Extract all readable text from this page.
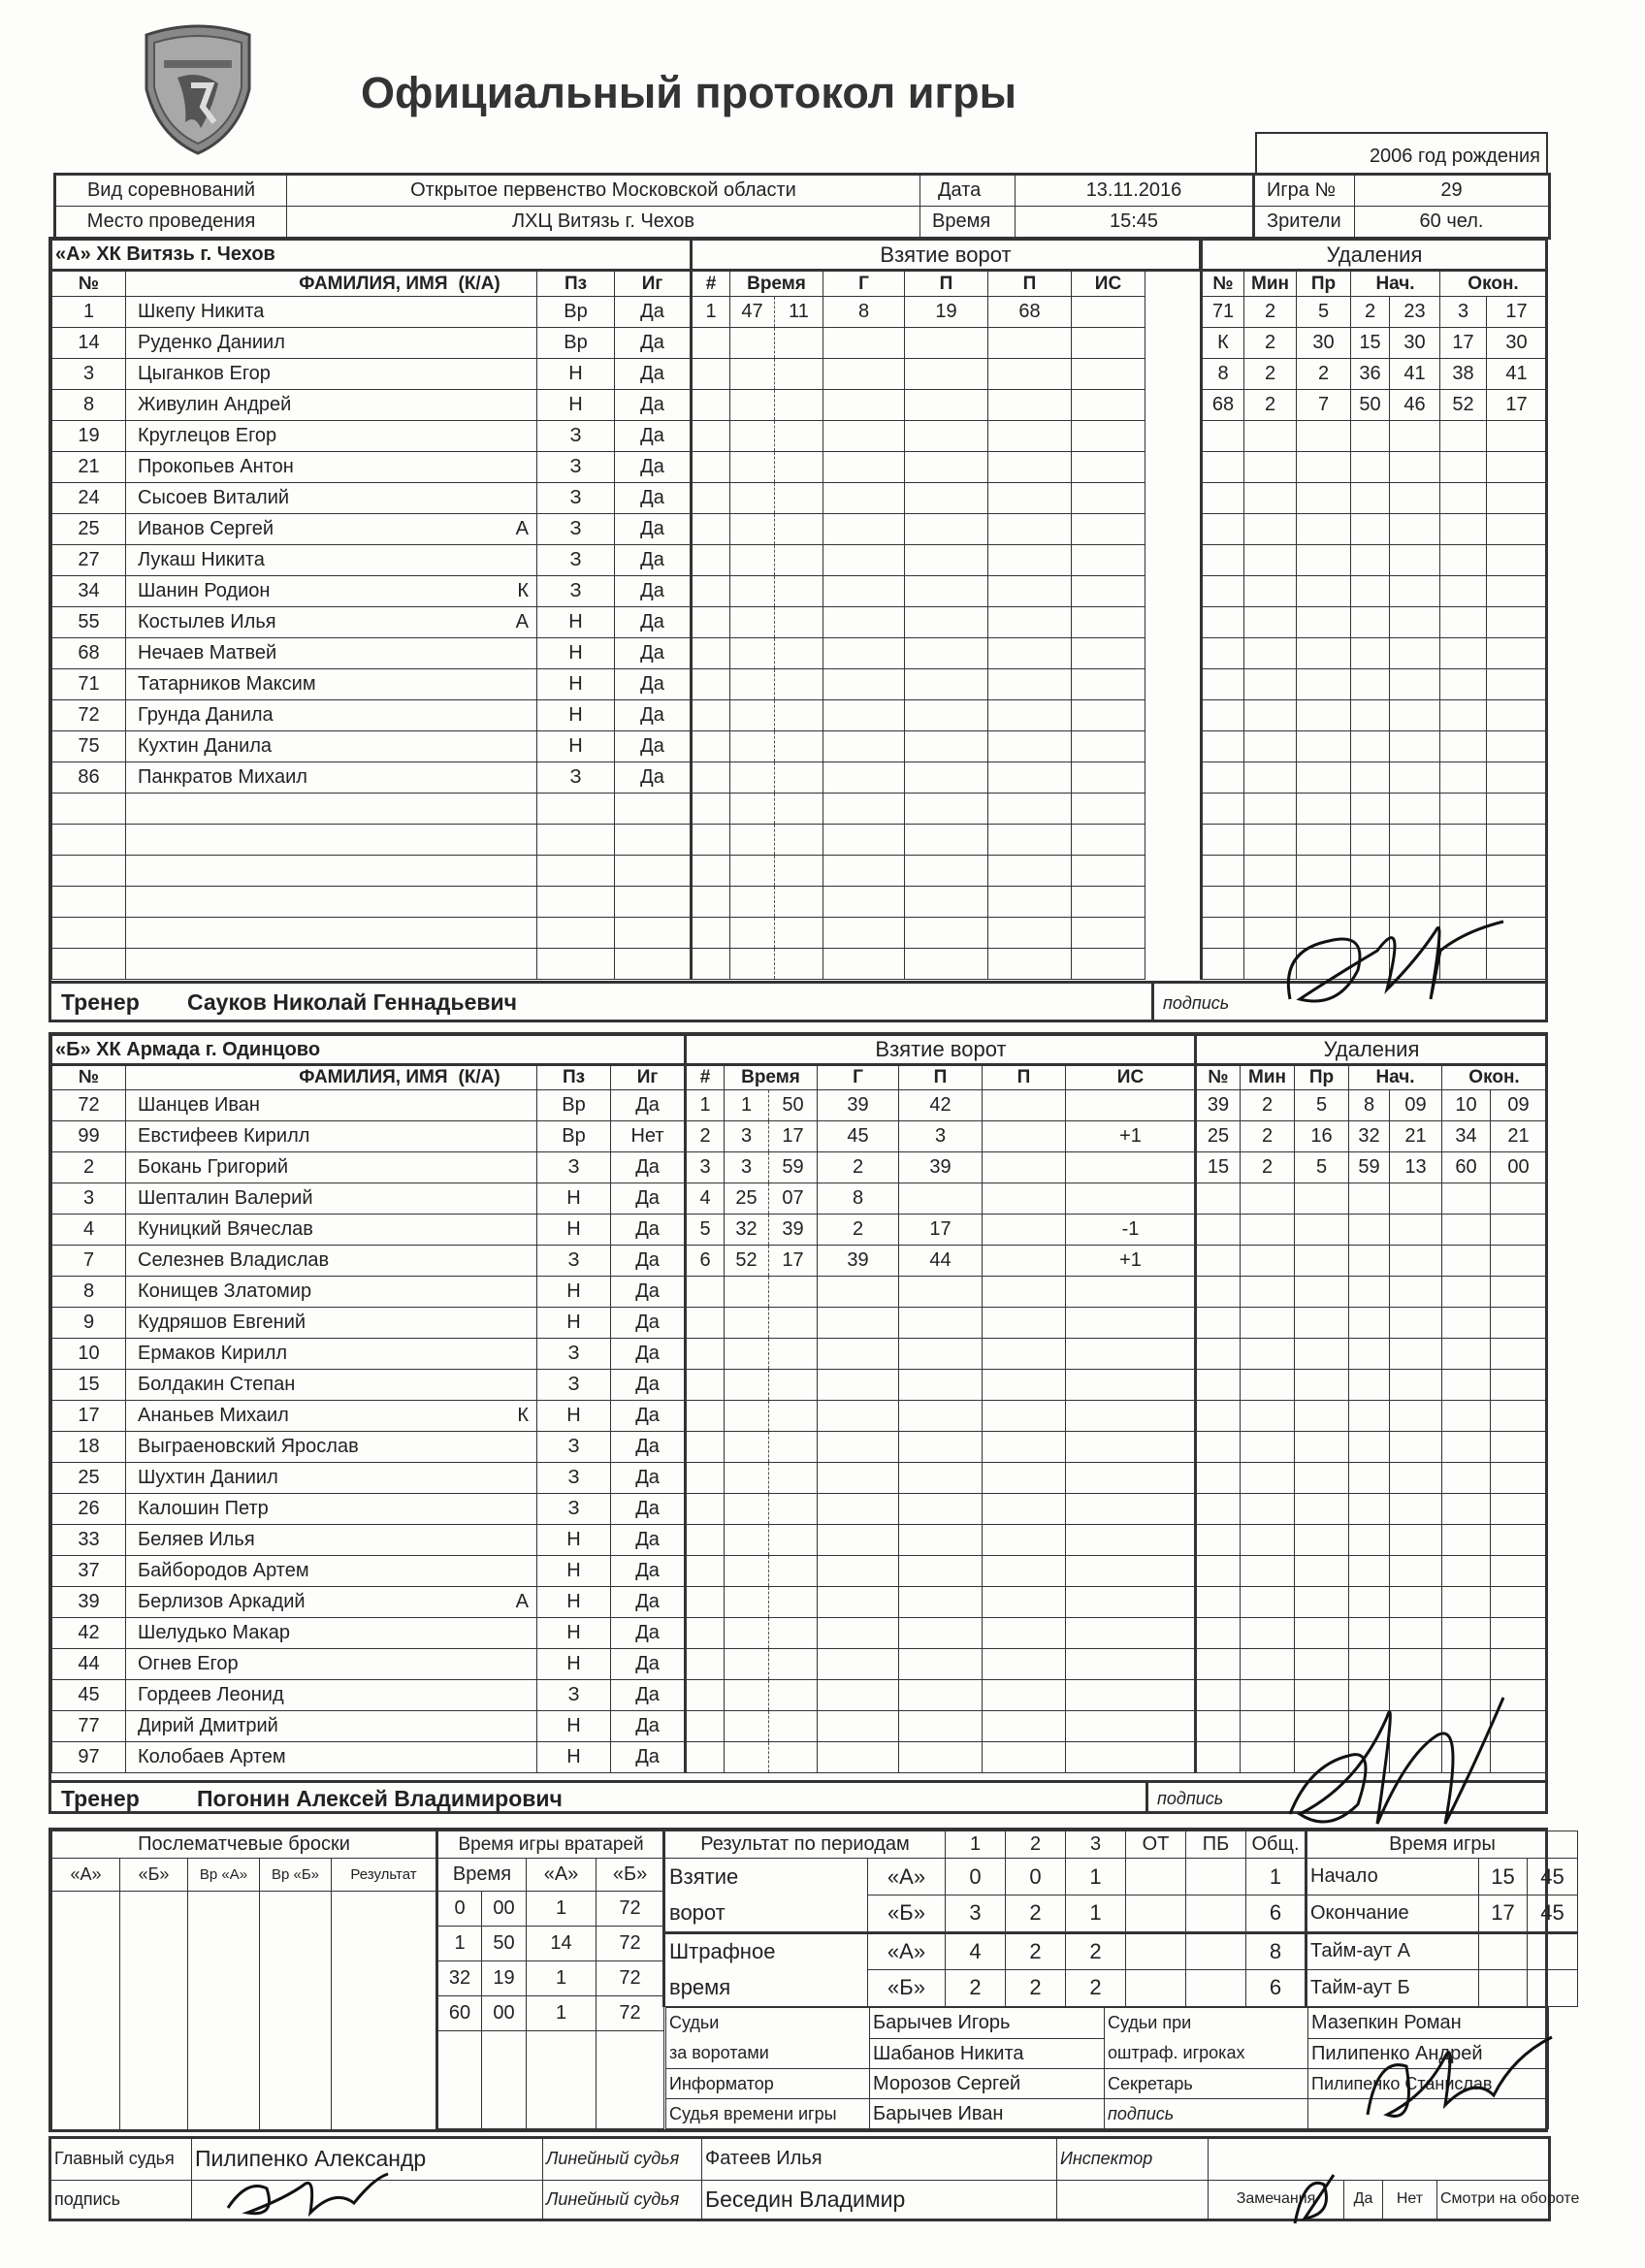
Официальный протокол игры
2006 год рождения
Вид соревнований	Открытое первенство Московской области	Дата	13.11.2016	Игра №	29
Место проведения	ЛХЦ Витязь г. Чехов	Время	15:45	Зрители	60 чел.
«А» ХК Витязь г. Чехов				
№	ФАМИЛИЯ, ИМЯ	(К/А)	Пз	Иг
1	Шкепу Никита		Вр	Да
14	Руденко Даниил		Вр	Да
3	Цыганков Егор		Н	Да
8	Живулин Андрей		Н	Да
19	Круглецов Егор		З	Да
21	Прокопьев Антон		З	Да
24	Сысоев Виталий		З	Да
25	Иванов Сергей	А	З	Да
27	Лукаш Никита		З	Да
34	Шанин Родион	К	З	Да
55	Костылев Илья	А	Н	Да
68	Нечаев Матвей		Н	Да
71	Татарников Максим		Н	Да
72	Грунда Данила		Н	Да
75	Кухтин Данила		Н	Да
86	Панкратов Михаил		З	Да

Взятие ворот						
#	Время		Г	П	П	ИС
1	47	11	8	19	68	

Удаления						
№	Мин	Пр	Нач.		Окон.	
71	2	5	2	23	3	17
К	2	30	15	30	17	30
8	2	2	36	41	38	41
68	2	7	50	46	52	17

Тренер Сауков Николай Геннадьевич	подпись
«Б» ХК Армада г. Одинцово				
№	ФАМИЛИЯ, ИМЯ	(К/А)	Пз	Иг
72	Шанцев Иван		Вр	Да
99	Евстифеев Кирилл		Вр	Нет
2	Бокань Григорий		З	Да
3	Шепталин Валерий		Н	Да
4	Куницкий Вячеслав		Н	Да
7	Селезнев Владислав		З	Да
8	Конищев Златомир		Н	Да
9	Кудряшов Евгений		Н	Да
10	Ермаков Кирилл		З	Да
15	Болдакин Степан		З	Да
17	Ананьев Михаил	К	Н	Да
18	Выграеновский Ярослав		З	Да
25	Шухтин Даниил		З	Да
26	Калошин Петр		З	Да
33	Беляев Илья		Н	Да
37	Байбородов Артем		Н	Да
39	Берлизов Аркадий	А	Н	Да
42	Шелудько Макар		Н	Да
44	Огнев Егор		Н	Да
45	Гордеев Леонид		З	Да
77	Дирий Дмитрий		Н	Да
97	Колобаев Артем		Н	Да
Взятие ворот						
#	Время		Г	П	П	ИС
1	1	50	39	42		
2	3	17	45	3		+1
3	3	59	2	39		
4	25	07	8			
5	32	39	2	17		-1
6	52	17	39	44		+1

Удаления						
№	Мин	Пр	Нач.		Окон.	
39	2	5	8	09	10	09
25	2	16	32	21	34	21
15	2	5	59	13	60	00

Тренер	Погонин Алексей Владимирович	подпись
Послематчевые броски				
«А»	«Б»	Вр «А»	Вр «Б»	Результат

Время игры вратарей			
Время		«А»	«Б»
0	00	1	72
1	50	14	72
32	19	1	72
60	00	1	72

Результат по периодам		1	2	3	ОТ	ПБ	Общ.	Время игры		
Взятие	«А»	0	0	1			1	Начало	15	45
ворот	«Б»	3	2	1			6	Окончание	17	45
Штрафное	«А»	4	2	2			8	Тайм-аут А		
время	«Б»	2	2	2			6	Тайм-аут Б		
Судьи	Барычев Игорь	Судьи при	Мазепкин Роман
за воротами	Шабанов Никита	оштраф. игроках	Пилипенко Андрей
Информатор	Морозов Сергей	Секретарь	Пилипенко Станислав
Судья времени игры	Барычев Иван	подпись	
Главный судья	Пилипенко Александр	Линейный судья	Фатеев Илья	Инспектор				
подпись		Линейный судья	Беседин Владимир		Замечания	Да	Нет	Смотри на обороте
